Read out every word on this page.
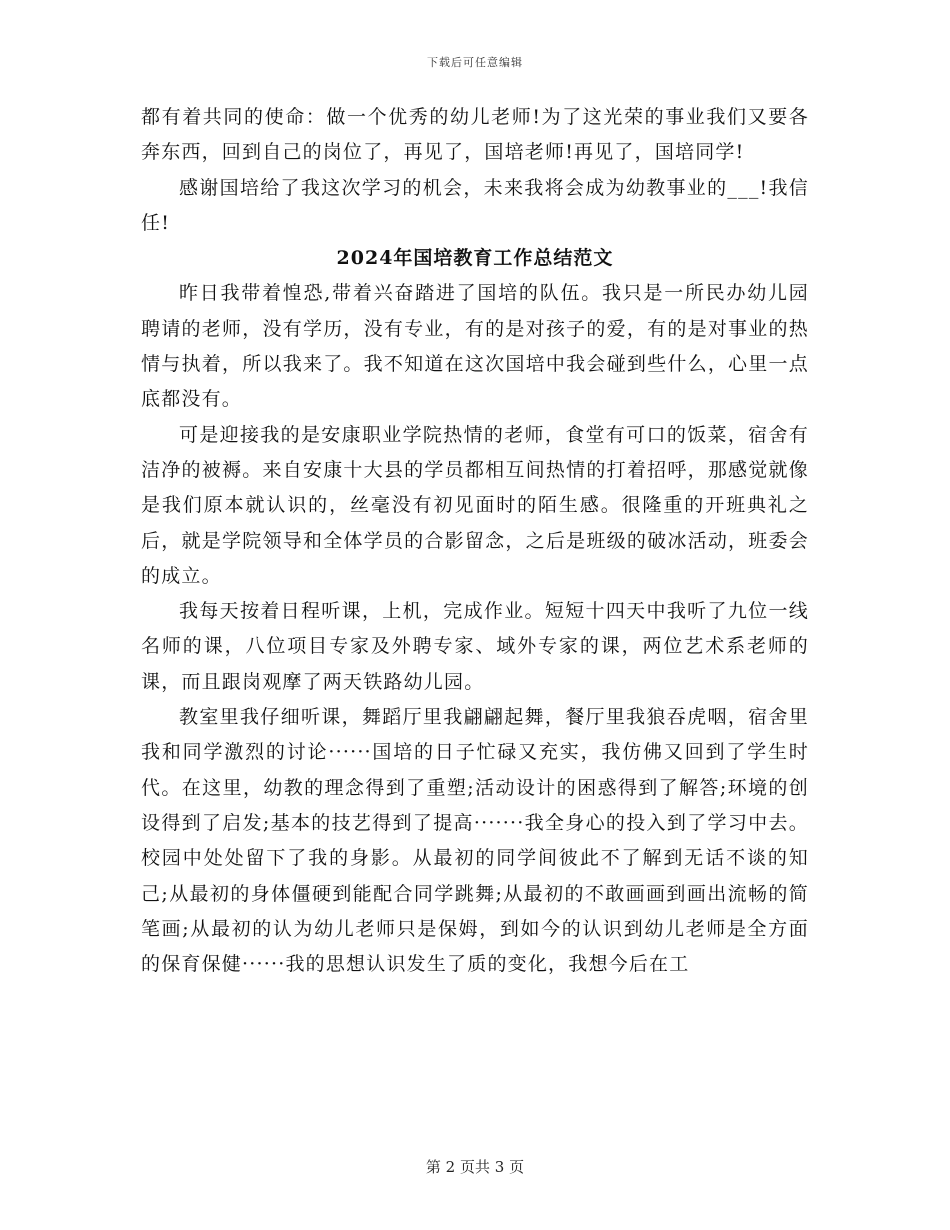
下载后可任意编辑

都有着共同的使命：做一个优秀的幼儿老师!为了这光荣的事业我们又要各奔东西，回到自己的岗位了，再见了，国培老师!再见了，国培同学!

感谢国培给了我这次学习的机会，未来我将会成为幼教事业的___!我信任!

2024年国培教育工作总结范文

昨日我带着惶恐,带着兴奋踏进了国培的队伍。我只是一所民办幼儿园聘请的老师，没有学历，没有专业，有的是对孩子的爱，有的是对事业的热情与执着，所以我来了。我不知道在这次国培中我会碰到些什么，心里一点底都没有。

可是迎接我的是安康职业学院热情的老师，食堂有可口的饭菜，宿舍有洁净的被褥。来自安康十大县的学员都相互间热情的打着招呼，那感觉就像是我们原本就认识的，丝毫没有初见面时的陌生感。很隆重的开班典礼之后，就是学院领导和全体学员的合影留念，之后是班级的破冰活动，班委会的成立。

我每天按着日程听课，上机，完成作业。短短十四天中我听了九位一线名师的课，八位项目专家及外聘专家、域外专家的课，两位艺术系老师的课，而且跟岗观摩了两天铁路幼儿园。

教室里我仔细听课，舞蹈厅里我翩翩起舞，餐厅里我狼吞虎咽，宿舍里我和同学激烈的讨论······国培的日子忙碌又充实，我仿佛又回到了学生时代。在这里，幼教的理念得到了重塑;活动设计的困惑得到了解答;环境的创设得到了启发;基本的技艺得到了提高·······我全身心的投入到了学习中去。校园中处处留下了我的身影。从最初的同学间彼此不了解到无话不谈的知己;从最初的身体僵硬到能配合同学跳舞;从最初的不敢画画到画出流畅的简笔画;从最初的认为幼儿老师只是保姆，到如今的认识到幼儿老师是全方面的保育保健······我的思想认识发生了质的变化，我想今后在工

第 2 页共 3 页
